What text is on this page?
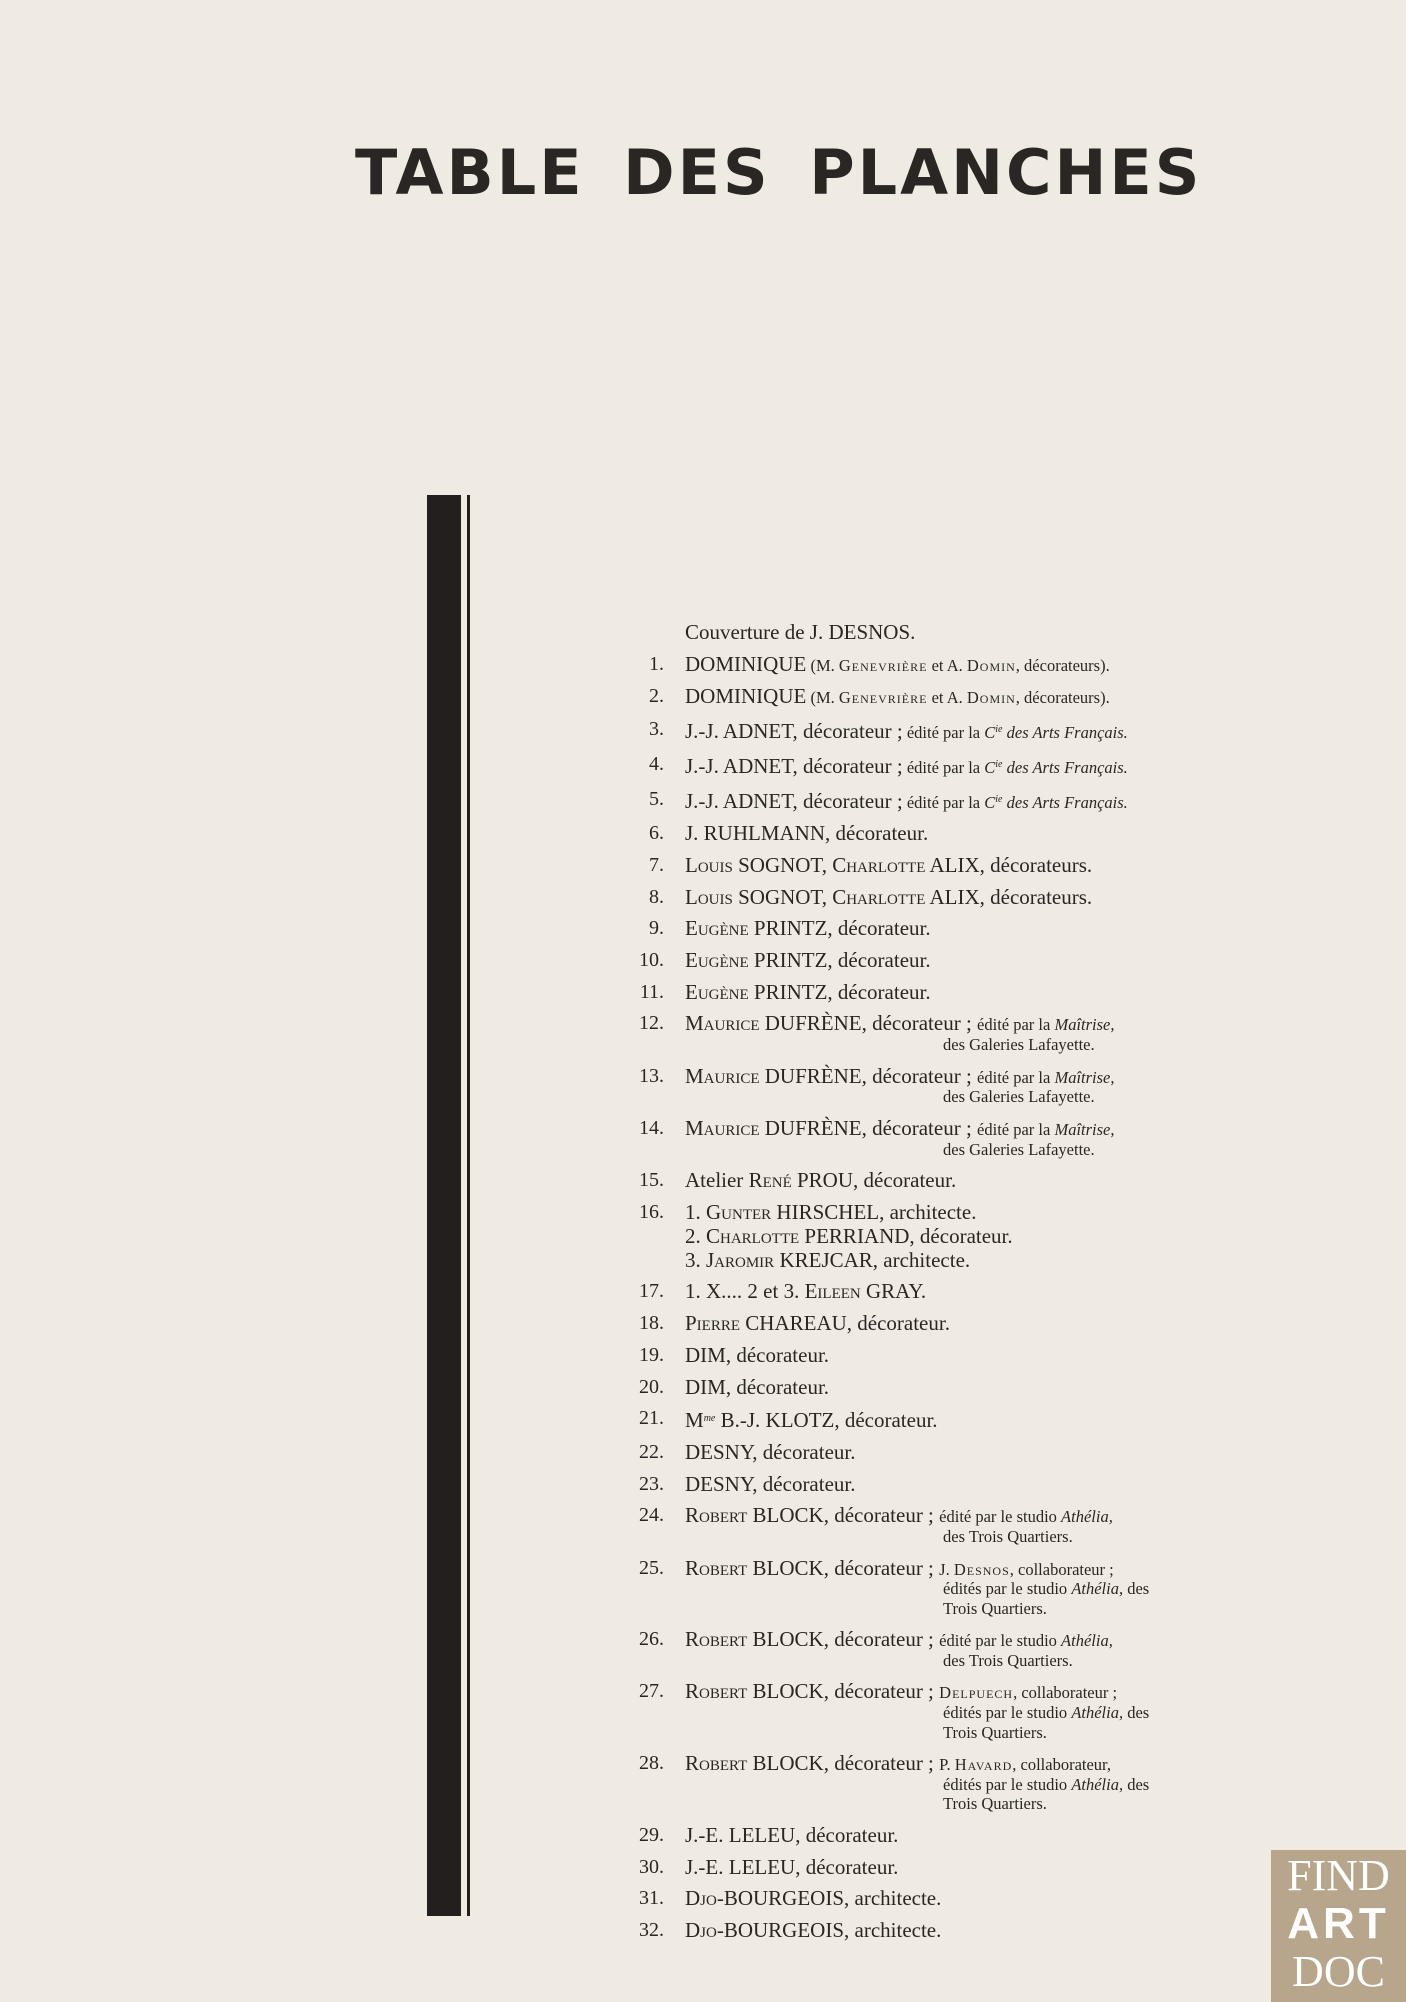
TABLE DES PLANCHES
Couverture de J. DESNOS.
1. DOMINIQUE (M. Genevrière et A. Domin, décorateurs).
2. DOMINIQUE (M. Genevrière et A. Domin, décorateurs).
3. J.-J. ADNET, décorateur ; édité par la $C^{ie}$ des Arts Français.
4. J.-J. ADNET, décorateur ; édité par la $C^{ie}$ des Arts Français.
5. J.-J. ADNET, décorateur ; édité par la $C^{ie}$ des Arts Français.
6. J. RUHLMANN, décorateur.
7. Louis SOGNOT, Charlotte ALIX, décorateurs.
8. Louis SOGNOT, Charlotte ALIX, décorateurs.
9. Eugène PRINTZ, décorateur.
10. Eugène PRINTZ, décorateur.
11. Eugène PRINTZ, décorateur.
12. Maurice DUFRÈNE, décorateur ; édité par la Maîtrise,
des Galeries Lafayette.
13. Maurice DUFRÈNE, décorateur ; édité par la Maîtrise,
des Galeries Lafayette.
14. Maurice DUFRÈNE, décorateur ; édité par la Maîtrise,
des Galeries Lafayette.
15. Atelier René PROU, décorateur.
16. 1. Gunter HIRSCHEL, architecte.
2. Charlotte PERRIAND, décorateur.
3. Jaromir KREJCAR, architecte.
17. 1. X.... 2 et 3. Eileen GRAY.
18. Pierre CHAREAU, décorateur.
19. DIM, décorateur.
20. DIM, décorateur.
21. $M^{me}$ B.-J. KLOTZ, décorateur.
22. DESNY, décorateur.
23. DESNY, décorateur.
24. Robert BLOCK, décorateur ; édité par le studio Athélia,
des Trois Quartiers.
25. Robert BLOCK, décorateur ; J. Desnos, collaborateur ;
édités par le studio Athélia, des
Trois Quartiers.
26. Robert BLOCK, décorateur ; édité par le studio Athélia,
des Trois Quartiers.
27. Robert BLOCK, décorateur ; Delpuech, collaborateur ;
édités par le studio Athélia, des
Trois Quartiers.
28. Robert BLOCK, décorateur ; P. Havard, collaborateur,
édités par le studio Athélia, des
Trois Quartiers.
29. J.-E. LELEU, décorateur.
30. J.-E. LELEU, décorateur.
31. Djo-BOURGEOIS, architecte.
32. Djo-BOURGEOIS, architecte.
FIND
ART
DOC
